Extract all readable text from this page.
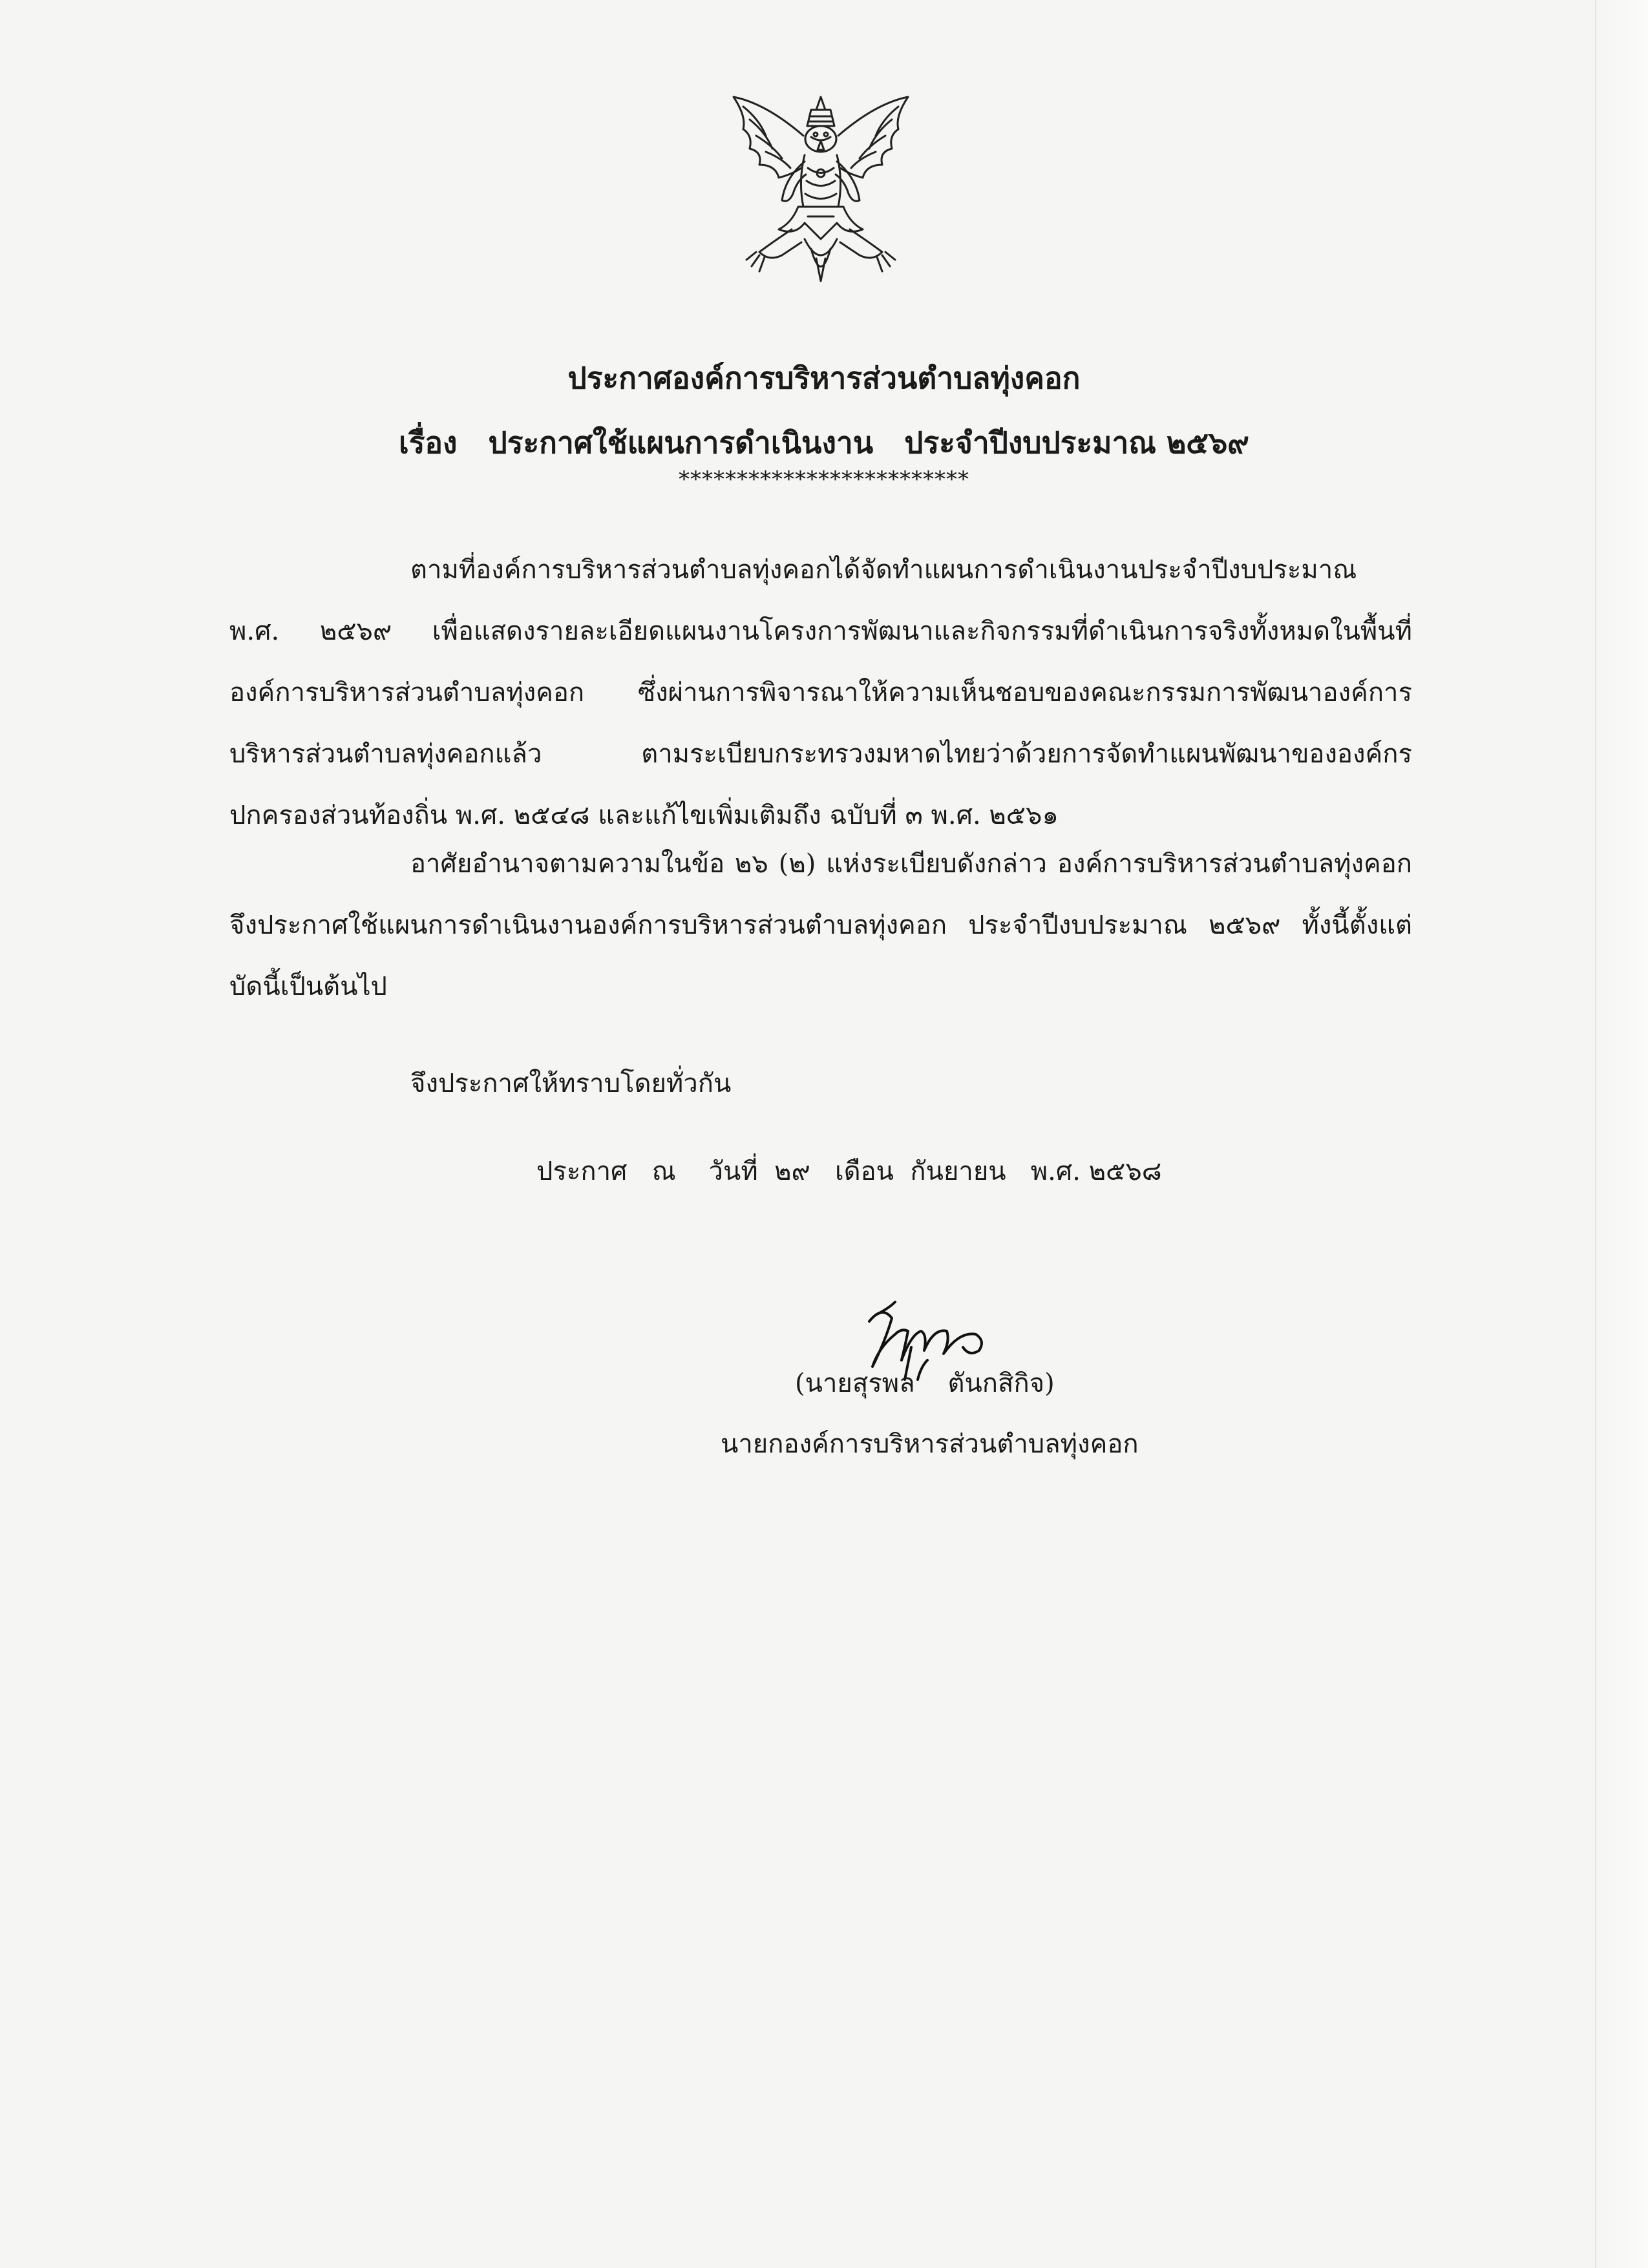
ประกาศองค์การบริหารส่วนตำบลทุ่งคอก
เรื่อง   ประกาศใช้แผนการดำเนินงาน   ประจำปีงบประมาณ ๒๕๖๙
*************************
ตามที่องค์การบริหารส่วนตำบลทุ่งคอกได้จัดทำแผนการดำเนินงานประจำปีงบประมาณ พ.ศ. ๒๕๖๙ เพื่อแสดงรายละเอียดแผนงานโครงการพัฒนาและกิจกรรมที่ดำเนินการจริงทั้งหมดในพื้นที่องค์การบริหารส่วนตำบลทุ่งคอก ซึ่งผ่านการพิจารณาให้ความเห็นชอบของคณะกรรมการพัฒนาองค์การบริหารส่วนตำบลทุ่งคอกแล้ว ตามระเบียบกระทรวงมหาดไทยว่าด้วยการจัดทำแผนพัฒนาขององค์กรปกครองส่วนท้องถิ่น พ.ศ. ๒๕๔๘ และแก้ไขเพิ่มเติมถึง ฉบับที่ ๓ พ.ศ. ๒๕๖๑
อาศัยอำนาจตามความในข้อ ๒๖ (๒) แห่งระเบียบดังกล่าว องค์การบริหารส่วนตำบลทุ่งคอก จึงประกาศใช้แผนการดำเนินงานองค์การบริหารส่วนตำบลทุ่งคอก ประจำปีงบประมาณ ๒๕๖๙ ทั้งนี้ตั้งแต่บัดนี้เป็นต้นไป
จึงประกาศให้ทราบโดยทั่วกัน
ประกาศ   ณ    วันที่  ๒๙   เดือน  กันยายน   พ.ศ. ๒๕๖๘
(นายสุรพล    ตันกสิกิจ)
นายกองค์การบริหารส่วนตำบลทุ่งคอก
